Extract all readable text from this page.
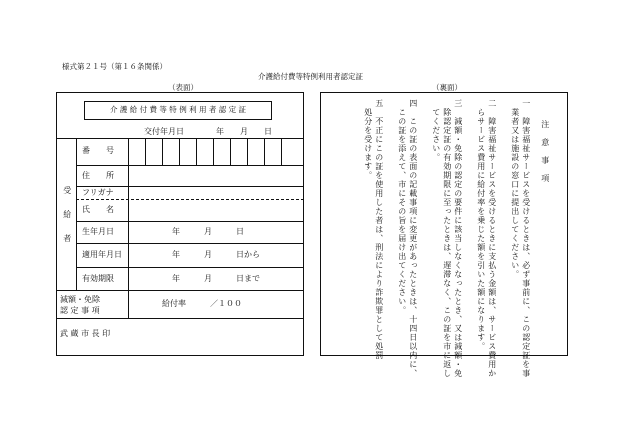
様式第２１号（第１６条関係）
介護給付費等特例利用者認定証
（表面）	（裏面）
介 護 給 付 費 等 特 例 利 用 者 認 定 証
交付年月日　　　　年　　月　　日
受　給　者
番　　号
住　　所
フリガナ
氏　　名
生年月日	年　　　月　　　日
適用年月日	年　　　月　　　日から
有効期限	年　　　月　　　日まで
減額・免除
認 定 事 項
給付率　　　／１００
武 蔵 市 長 印
注　意　事　項
一　障害福祉サービスを受けるときは、必ず事前に、この認定証を事
　業者又は施設の窓口に提出してください。
二　障害福祉サービスを受けるときに支払う金額は、サービス費用か
　らサービス費用に給付率を乗じた額を引いた額になります。
三　減額・免除の認定の要件に該当しなくなったとき、又は減額・免
　除認定証の有効期限に至ったときは、遅滞なく、この証を市に返し
　てください。
四　この証の表面の記載事項に変更があったときは、十四日以内に、
　この証を添えて、市にその旨を届け出てください。
五　不正にこの証を使用した者は、刑法により詐欺罪として処罰
　処分を受けます。
